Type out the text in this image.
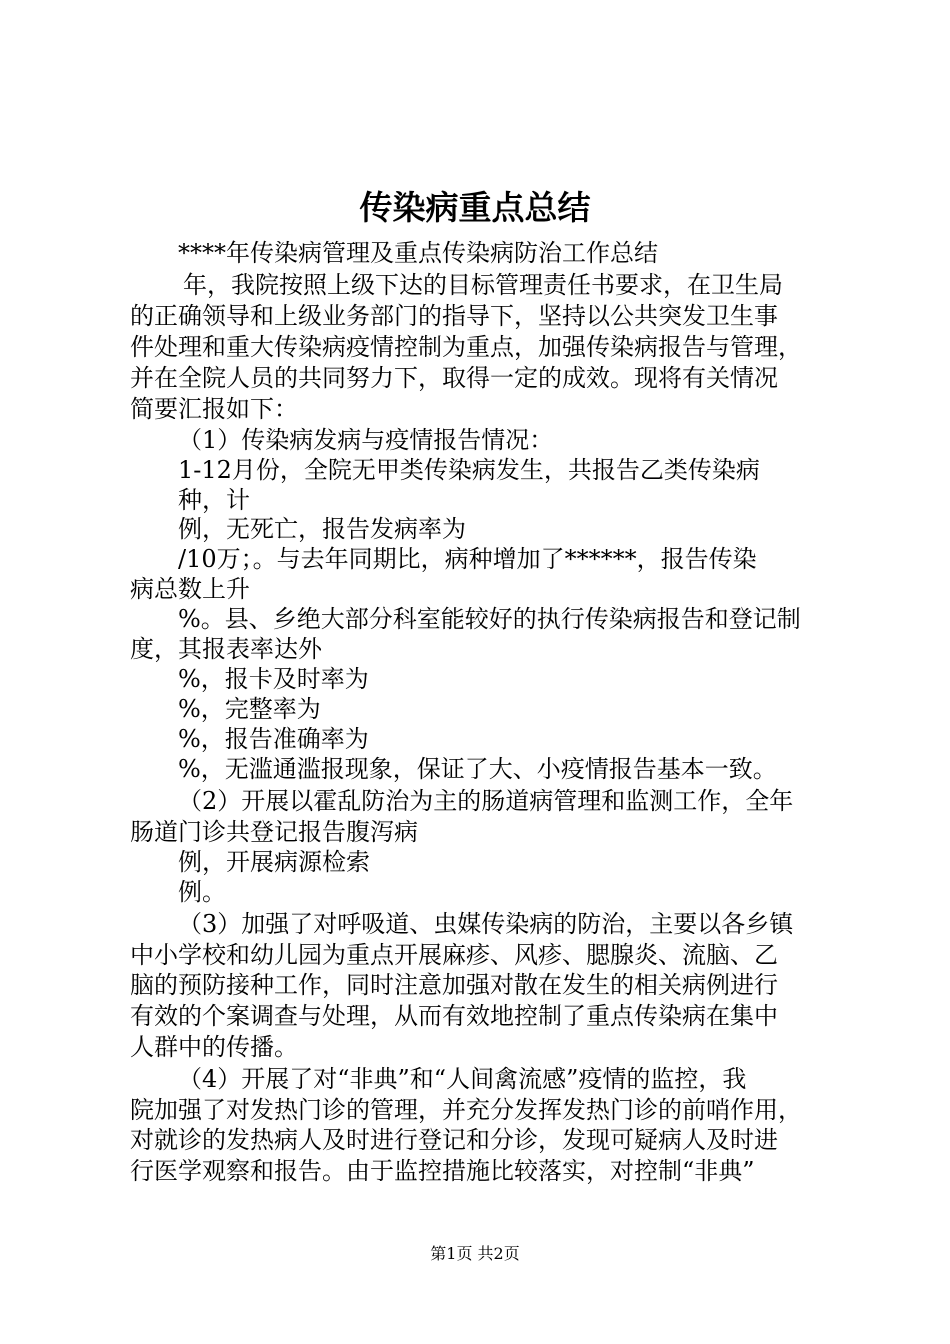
传染病重点总结
****年传染病管理及重点传染病防治工作总结
年，我院按照上级下达的目标管理责任书要求，在卫生局
的正确领导和上级业务部门的指导下，坚持以公共突发卫生事
件处理和重大传染病疫情控制为重点，加强传染病报告与管理，
并在全院人员的共同努力下，取得一定的成效。现将有关情况
简要汇报如下：
（1）传染病发病与疫情报告情况：
1-12月份，全院无甲类传染病发生，共报告乙类传染病
种，计
例，无死亡，报告发病率为
/10万；。与去年同期比，病种增加了******，报告传染
病总数上升
%。县、乡绝大部分科室能较好的执行传染病报告和登记制
度，其报表率达外
%，报卡及时率为
%，完整率为
%，报告准确率为
%，无滥通滥报现象，保证了大、小疫情报告基本一致。
（2）开展以霍乱防治为主的肠道病管理和监测工作，全年
肠道门诊共登记报告腹泻病
例，开展病源检索
例。
（3）加强了对呼吸道、虫媒传染病的防治，主要以各乡镇
中小学校和幼儿园为重点开展麻疹、风疹、腮腺炎、流脑、乙
脑的预防接种工作，同时注意加强对散在发生的相关病例进行
有效的个案调查与处理，从而有效地控制了重点传染病在集中
人群中的传播。
（4）开展了对“非典”和“人间禽流感”疫情的监控，我
院加强了对发热门诊的管理，并充分发挥发热门诊的前哨作用，
对就诊的发热病人及时进行登记和分诊，发现可疑病人及时进
行医学观察和报告。由于监控措施比较落实，对控制“非典”
第1页 共2页
